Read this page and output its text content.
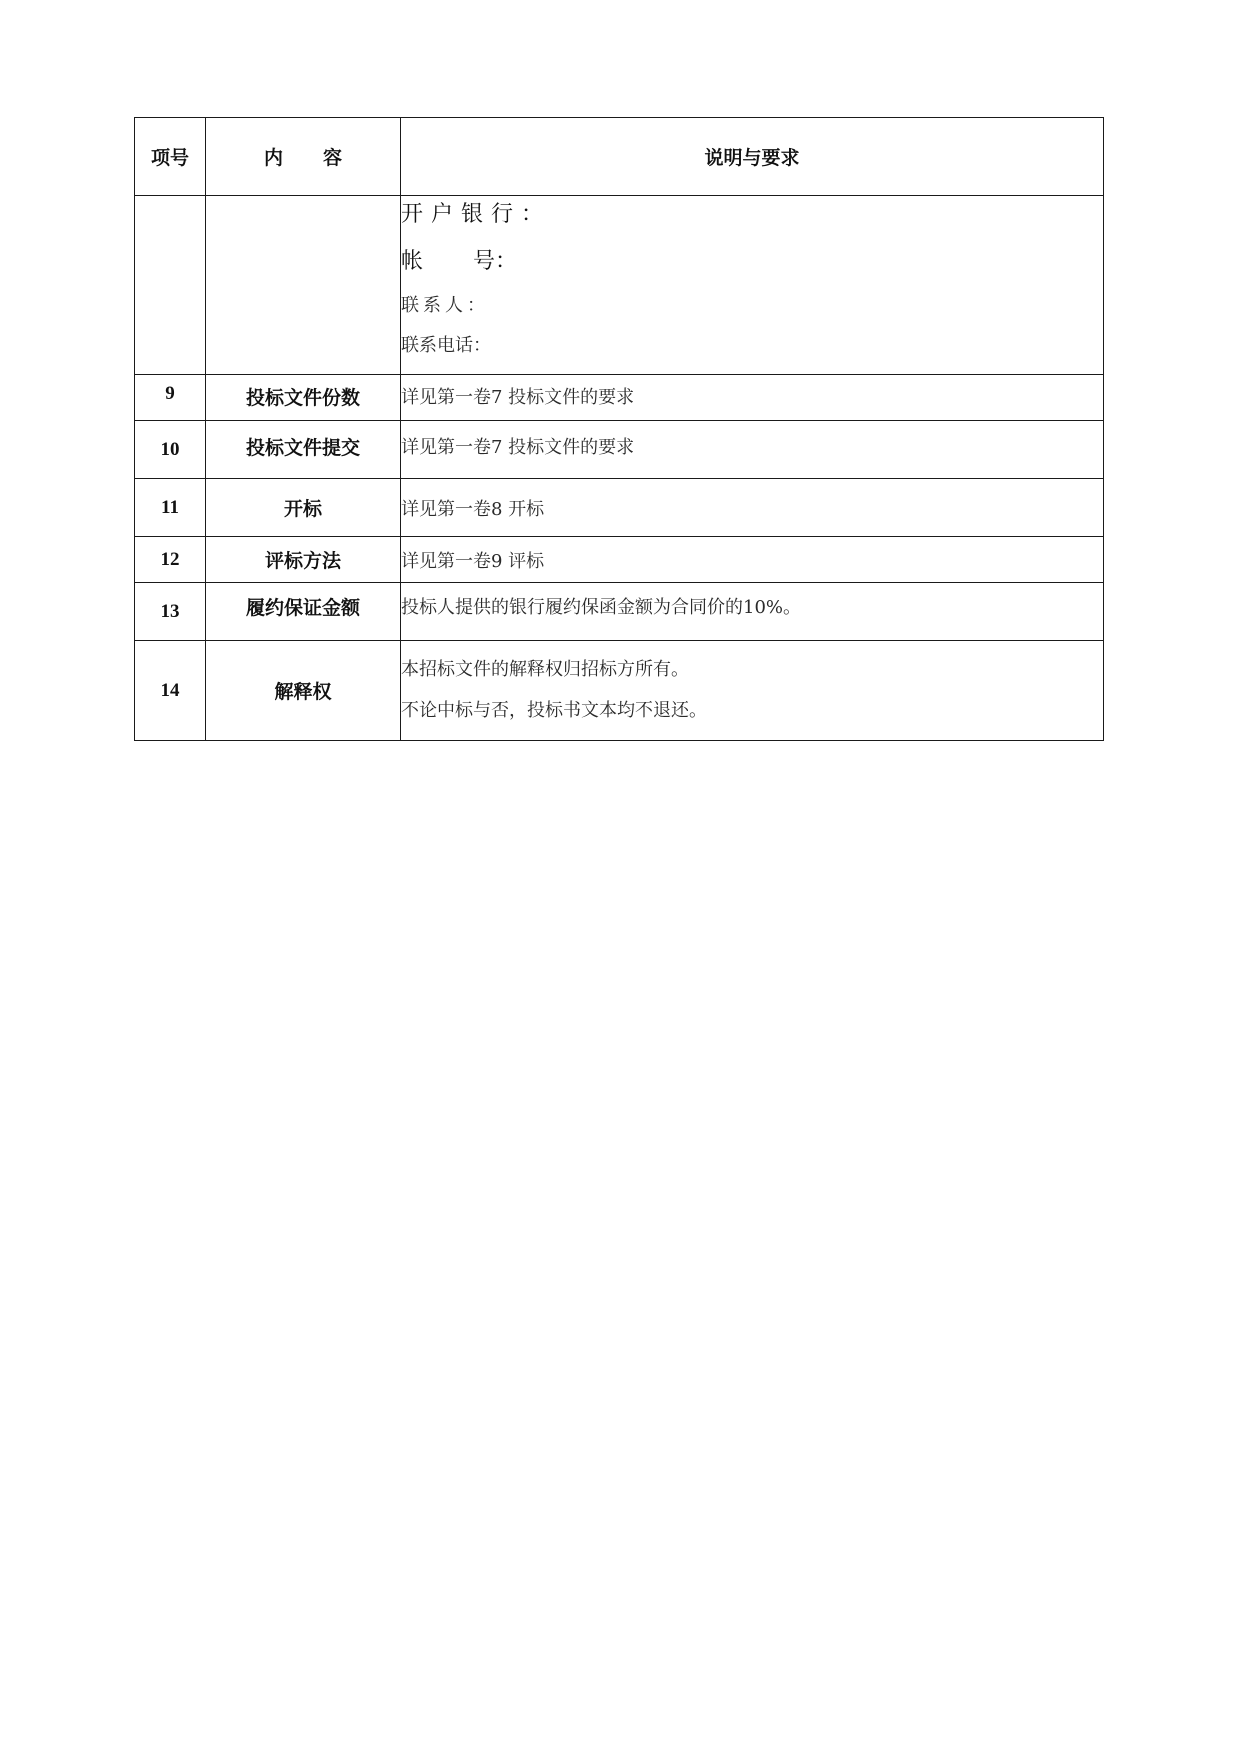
项号	内 容	说明与要求

		开户银行：
帐 号：
联系人：
联系电话：

9	投标文件份数	详见第一卷7 投标文件的要求
10	投标文件提交	详见第一卷7 投标文件的要求
11	开标	详见第一卷8 开标
12	评标方法	详见第一卷9 评标
13	履约保证金额	投标人提供的银行履约保函金额为合同价的10%。
14	解释权	本招标文件的解释权归招标方所有。
不论中标与否，投标书文本均不退还。
